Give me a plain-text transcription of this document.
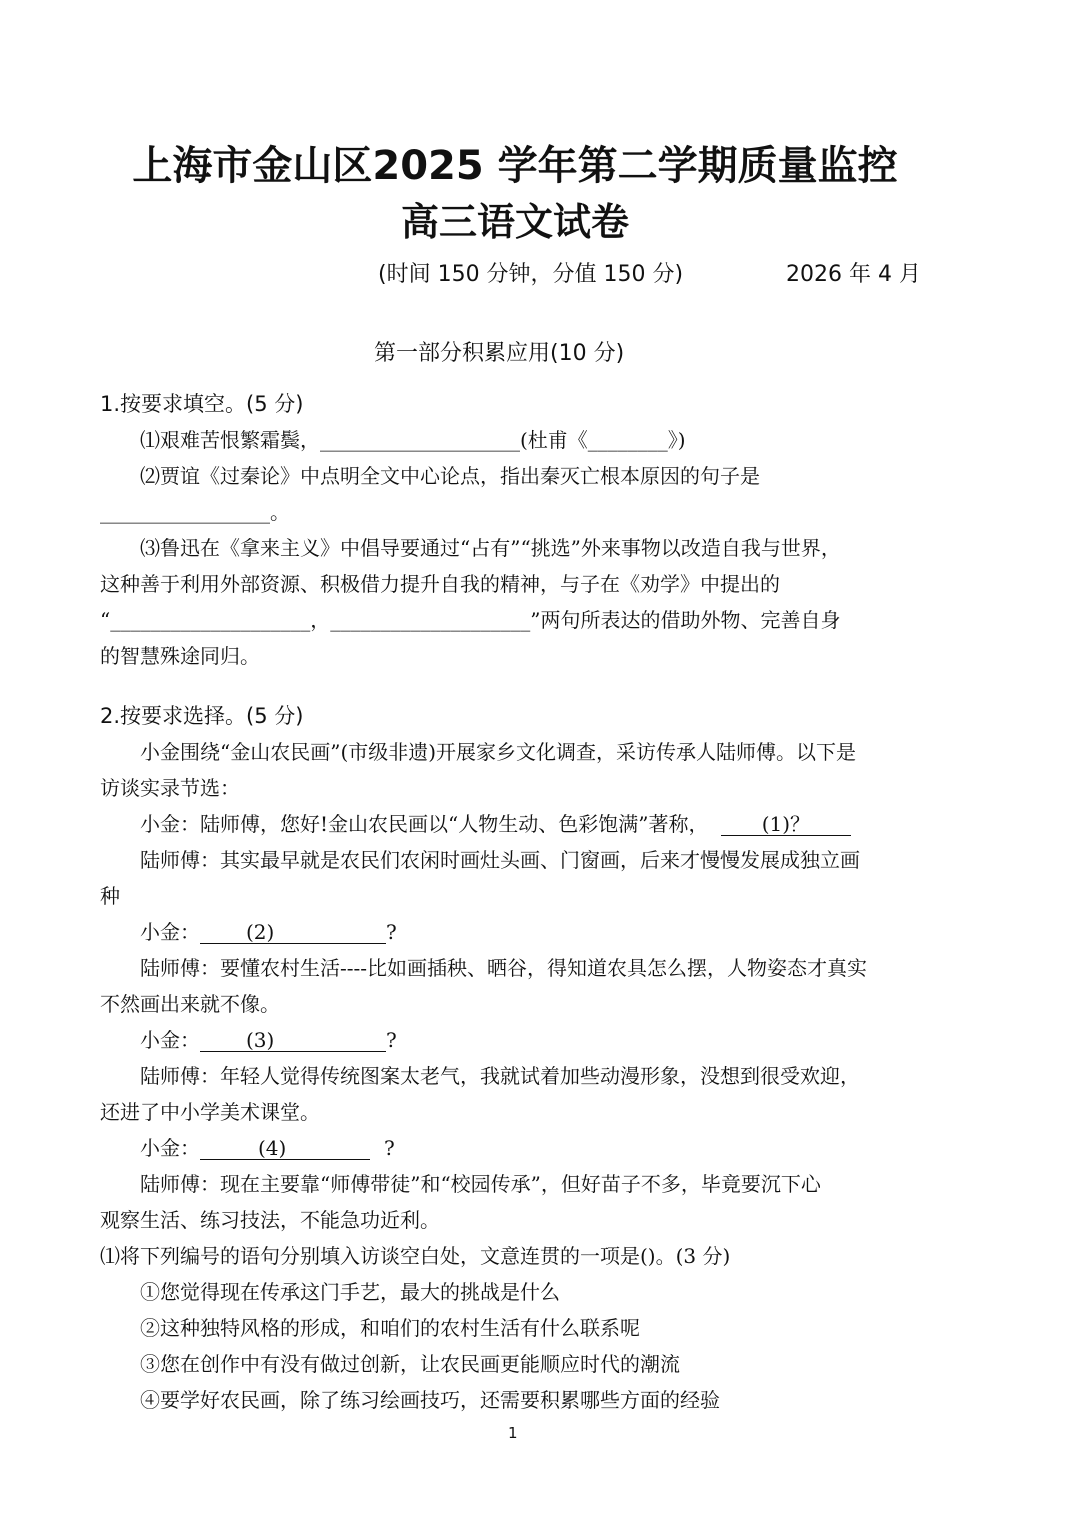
上海市金山区2025 学年第二学期质量监控
高三语文试卷
(时间 150 分钟，分值 150 分)	2026 年 4 月
第一部分积累应用(10 分)
1.按要求填空。(5 分)
⑴艰难苦恨繁霜鬓，____________________(杜甫《________》)
⑵贾谊《过秦论》中点明全文中心论点，指出秦灭亡根本原因的句子是
_________________。
⑶鲁迅在《拿来主义》中倡导要通过“占有”“挑选”外来事物以改造自我与世界，
这种善于利用外部资源、积极借力提升自我的精神，与子在《劝学》中提出的
“____________________，____________________”两句所表达的借助外物、完善自身
的智慧殊途同归。
2.按要求选择。(5 分)
小金围绕“金山农民画”(市级非遗)开展家乡文化调查，采访传承人陆师傅。以下是
访谈实录节选：
小金：陆师傅，您好!金山农民画以“人物生动、色彩饱满”著称，	(1)？
陆师傅：其实最早就是农民们农闲时画灶头画、门窗画，后来才慢慢发展成独立画
种
小金： (2)	?
陆师傅：要懂农村生活----比如画插秧、晒谷，得知道农具怎么摆，人物姿态才真实
不然画出来就不像。
小金： (3)	?
陆师傅：年轻人觉得传统图案太老气，我就试着加些动漫形象，没想到很受欢迎，
还进了中小学美术课堂。
小金：	(4)	?
陆师傅：现在主要靠“师傅带徒”和“校园传承”，但好苗子不多，毕竟要沉下心
观察生活、练习技法，不能急功近利。
⑴将下列编号的语句分别填入访谈空白处，文意连贯的一项是()。(3 分)
①您觉得现在传承这门手艺，最大的挑战是什么
②这种独特风格的形成，和咱们的农村生活有什么联系呢
③您在创作中有没有做过创新，让农民画更能顺应时代的潮流
④要学好农民画，除了练习绘画技巧，还需要积累哪些方面的经验
1
